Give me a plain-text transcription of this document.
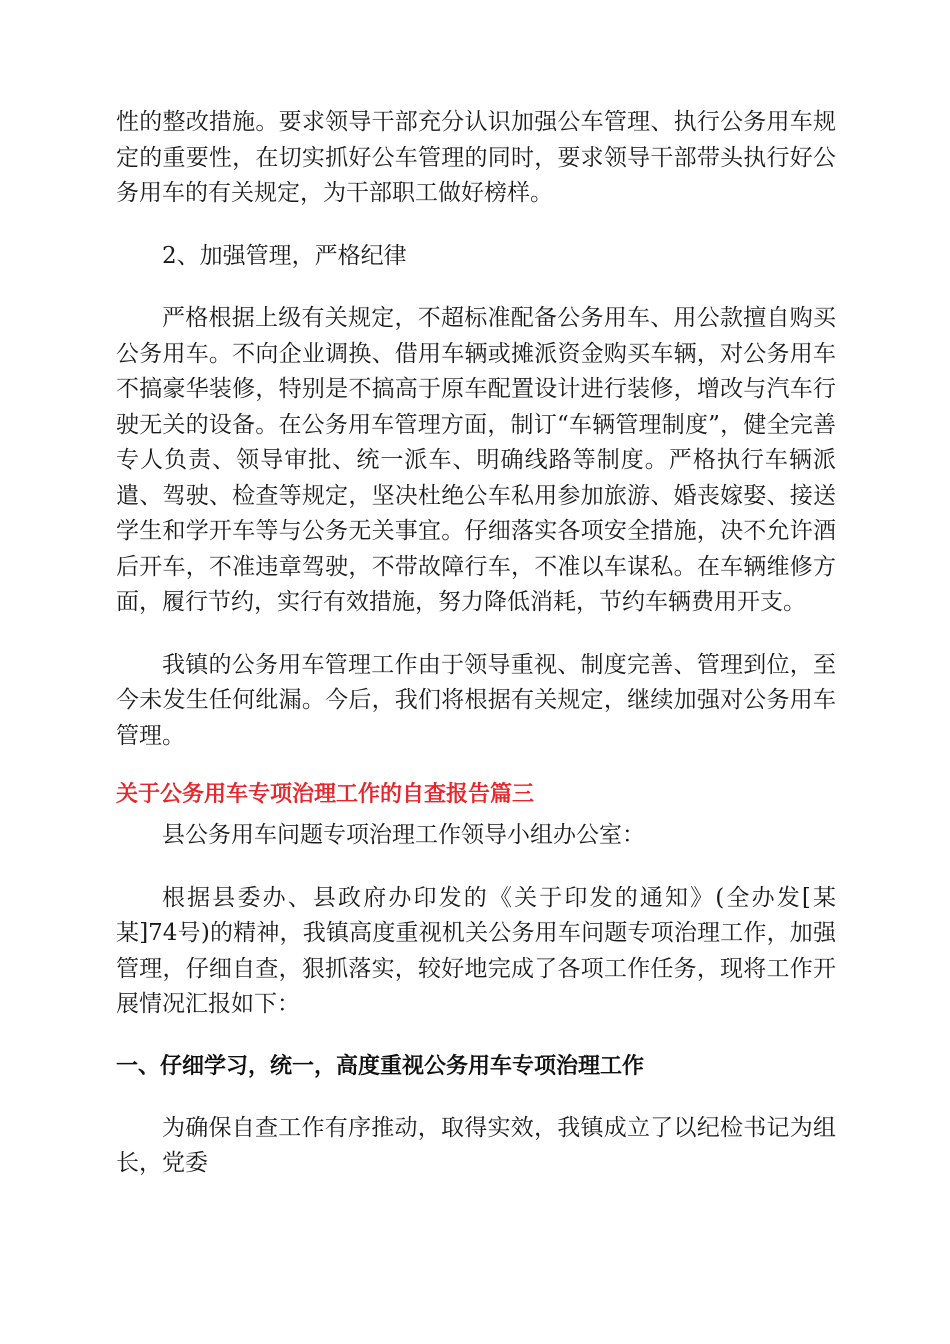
性的整改措施。要求领导干部充分认识加强公车管理、执行公务用车规定的重要性，在切实抓好公车管理的同时，要求领导干部带头执行好公务用车的有关规定，为干部职工做好榜样。

2、加强管理，严格纪律

严格根据上级有关规定，不超标准配备公务用车、用公款擅自购买公务用车。不向企业调换、借用车辆或摊派资金购买车辆，对公务用车不搞豪华装修，特别是不搞高于原车配置设计进行装修，增改与汽车行驶无关的设备。在公务用车管理方面，制订“车辆管理制度”，健全完善专人负责、领导审批、统一派车、明确线路等制度。严格执行车辆派遣、驾驶、检查等规定，坚决杜绝公车私用参加旅游、婚丧嫁娶、接送学生和学开车等与公务无关事宜。仔细落实各项安全措施，决不允许酒后开车，不准违章驾驶，不带故障行车，不准以车谋私。在车辆维修方面，履行节约，实行有效措施，努力降低消耗，节约车辆费用开支。

我镇的公务用车管理工作由于领导重视、制度完善、管理到位，至今未发生任何纰漏。今后，我们将根据有关规定，继续加强对公务用车管理。

关于公务用车专项治理工作的自查报告篇三

县公务用车问题专项治理工作领导小组办公室：

根据县委办、县政府办印发的《关于印发的通知》(全办发[某某]74号)的精神，我镇高度重视机关公务用车问题专项治理工作，加强管理，仔细自查，狠抓落实，较好地完成了各项工作任务，现将工作开展情况汇报如下：

一、仔细学习，统一，高度重视公务用车专项治理工作

为确保自查工作有序推动，取得实效，我镇成立了以纪检书记为组长，党委
